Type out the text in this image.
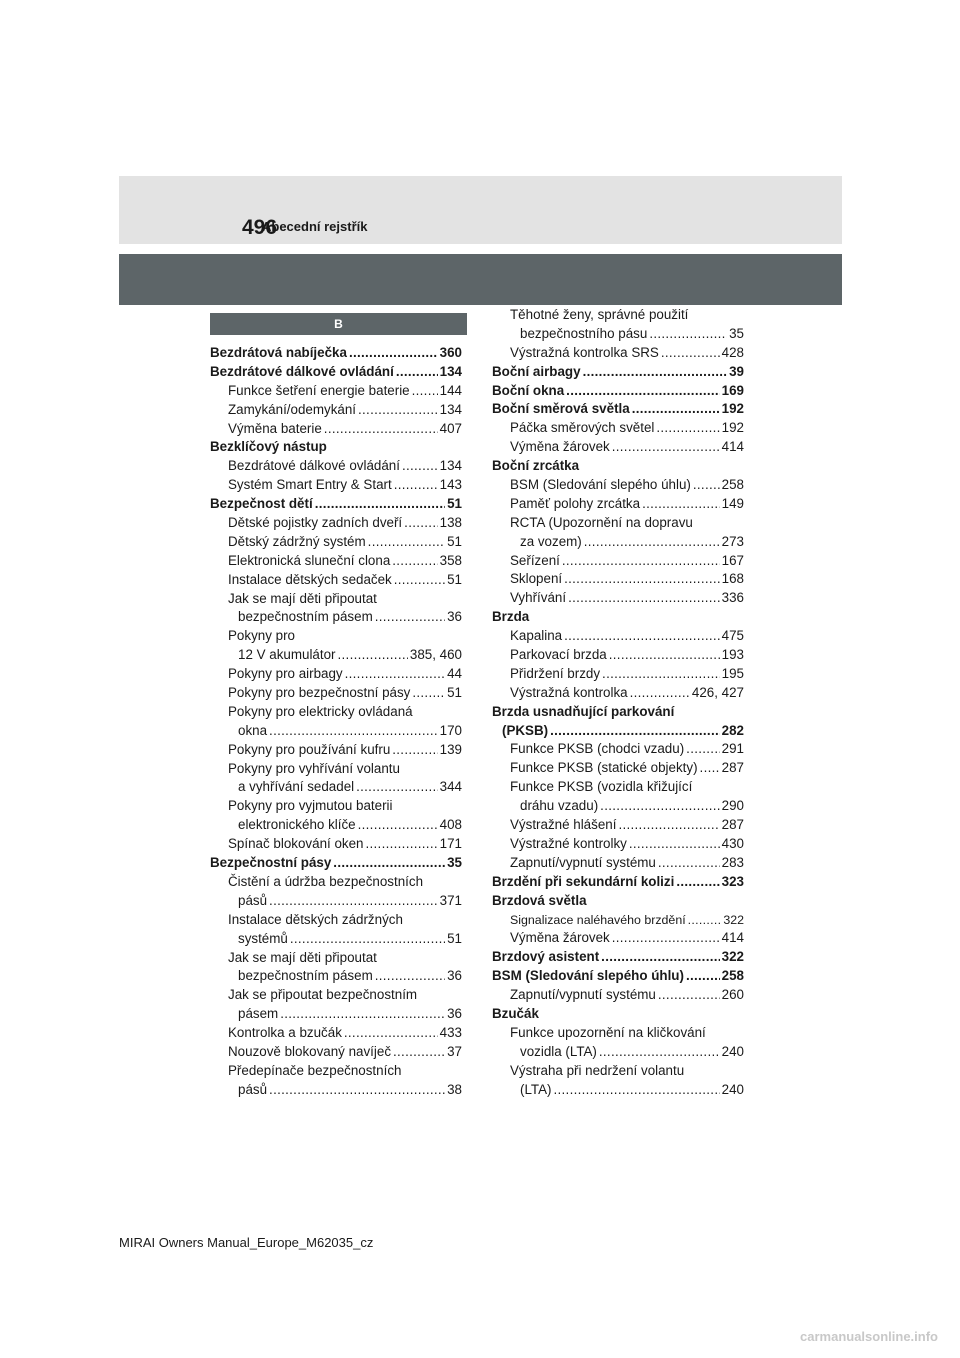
496
Abecední rejstřík
B
Bezdrátová nabíječka .....	360
Bezdrátové dálkové ovládání .....	134
Funkce šetření energie baterie ..... 144
Zamykání/odemykání .....	134
Výměna baterie .....	407
Bezklíčový nástup
Bezdrátové dálkové ovládání .....	134
Systém Smart Entry & Start .....	143
Bezpečnost dětí .....	51
Dětské pojistky zadních dveří .....	138
Dětský zádržný systém .....	51
Elektronická sluneční clona .....	358
Instalace dětských sedaček .....	51
Jak se mají děti připoutat
bezpečnostním pásem .....	36
Pokyny pro
12 V akumulátor .....	385, 460
Pokyny pro airbagy .....	44
Pokyny pro bezpečnostní pásy .....	51
Pokyny pro elektricky ovládaná
okna .....	170
Pokyny pro používání kufru .....	139
Pokyny pro vyhřívání volantu
a vyhřívání sedadel .....	344
Pokyny pro vyjmutou baterii
elektronického klíče .....	408
Spínač blokování oken .....	171
Bezpečnostní pásy .....	35
Čistění a údržba bezpečnostních
pásů .....	371
Instalace dětských zádržných
systémů .....	51
Jak se mají děti připoutat
bezpečnostním pásem .....	36
Jak se připoutat bezpečnostním
pásem .....	36
Kontrolka a bzučák .....	433
Nouzově blokovaný navíječ .....	37
Předepínače bezpečnostních
pásů .....	38
Těhotné ženy, správné použití
bezpečnostního pásu .....	35
Výstražná kontrolka SRS .....	428
Boční airbagy .....	39
Boční okna .....	169
Boční směrová světla .....	192
Páčka směrových světel .....	192
Výměna žárovek .....	414
Boční zrcátka
BSM (Sledování slepého úhlu) ..... 258
Paměť polohy zrcátka .....	149
RCTA (Upozornění na dopravu
za vozem) .....	273
Seřízení .....	167
Sklopení .....	168
Vyhřívání .....	336
Brzda
Kapalina .....	475
Parkovací brzda .....	193
Přidržení brzdy .....	195
Výstražná kontrolka .....	426, 427
Brzda usnadňující parkování
(PKSB) .....	282
Funkce PKSB (chodci vzadu) .....	291
Funkce PKSB (statické objekty) ..... 287
Funkce PKSB (vozidla křižující
dráhu vzadu) .....	290
Výstražné hlášení .....	287
Výstražné kontrolky .....	430
Zapnutí/vypnutí systému .....	283
Brzdění při sekundární kolizi .....	323
Brzdová světla
Signalizace naléhavého brzdění .....	322
Výměna žárovek .....	414
Brzdový asistent .....	322
BSM (Sledování slepého úhlu) .....	258
Zapnutí/vypnutí systému .....	260
Bzučák
Funkce upozornění na kličkování
vozidla (LTA) .....	240
Výstraha při nedržení volantu
(LTA) .....	240
MIRAI Owners Manual_Europe_M62035_cz
carmanualsonline.info
